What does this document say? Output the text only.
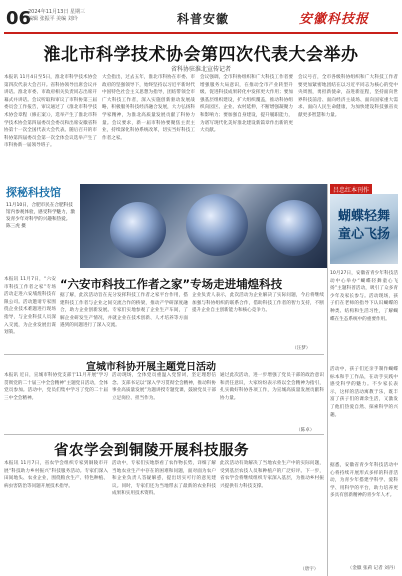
06
2024年11月13日 星期三
编辑 张振平 美编 刘玲	科普安徽	安徽科技报
淮北市科学技术协会第四次代表大会举办
省科协驻淮北宣传记者
本报讯 11月4日至5日，淮北市科学技术协会第四次代表大会召开。省科协领导出席会议并讲话。淮北市委、市政府相关负责同志出席开幕式并讲话。会议听取和审议了市科协第三届委员会工作报告，审议通过了《淮北市科学技术协会章程（修正案）》，选举产生了淮北市科学技术协会第四届委员会委员和出席安徽省科协第十一次全国代表大会代表。随后召开的市科协第四届委员会第一次全体会议选举产生了市科协新一届领导班子。
大会指出，过去五年，淮北市科协在市委、市政府的坚强领导下，始终坚持以习近平新时代中国特色社会主义思想为指导，团结带领全市广大科技工作者，深入实施创新驱动发展战略，积极服务科技经济融合发展，大力弘扬科学家精神，为淮北高质量发展贡献了科协力量。会议要求，新一届市科协要聚焦主责主业，持续深化科协系统改革，切实当好科技工作者之家。
会议强调，全市科协组织和广大科技工作者要增强服务大局意识，在推动全市产业转型升级、促进科技成果转化中发挥更大作用；要加强基层组织建设，扩大组织覆盖，推动科协组织向园区、企业、农村延伸，不断增强凝聚力和影响力；要加强自身建设，提升履职能力，为谱写现代化美好淮北建设新篇章作出新的更大贡献。
会议号召，全市各级科协组织和广大科技工作者要更加紧密地团结在以习近平同志为核心的党中央周围，勇担新使命，奋进新征程，坚持面向世界科技前沿、面向经济主战场、面向国家重大需求、面向人民生命健康，为加快建设科技强省贡献更多智慧和力量。
探秘科技馆
11月10日，合肥市民在合肥科技馆内参观体验，感受科学魅力，激发青少年对科学的兴趣和热爱。 陈三虎 摄
吕忠红本刊作
蝴蝶轻舞
童心飞扬
10月27日，安徽省青少年科技活动中心举办“蝴蝶轻舞童心飞扬”主题科普活动，吸引了众多青少年及家长参与。活动现场，孩子们在老师的指导下认识蝴蝶的种类、结构和生活习性，了解蝴蝶在生态系统中的重要作用。
活动中，孩子们还亲手制作蝴蝶标本和手工作品，在动手实践中感受科学的魅力。不少家长表示，这样的活动寓教于乐，既丰富了孩子们的课余生活，又激发了他们热爱自然、探索科学的兴趣。
据悉，安徽省青少年科技活动中心将持续开展形式多样的科普活动，为青少年搭建学科学、爱科学、用科学的平台，助力培养更多具有创新精神的青少年人才。
（金徽 张莉 记者 刘丹）
“六安市科技工作者之家”专场走进埔煌科技
本报讯 11月7日，“六安市科技工作者之家”专场活动走进六安埔煌科技有限公司。活动邀请专家围绕企业技术难题进行现场指导，与企业科技人员深入交流，为企业发展出谋划策。
据了解，此次活动旨在充分发挥科技工作者之家平台作用，搭建科技工作者与企业之间交流合作的桥梁，推动产学研深度融合，助力企业创新发展。专家们实地参观了企业生产车间，了解企业研发生产情况，并就企业在技术创新、人才培养等方面遇到的问题进行了深入交流。
企业负责人表示，此次活动为企业解决了实际问题，今后将继续加强与科协组织的联系合作，借助科技工作者的智力支持，不断提升企业自主创新能力和核心竞争力。
（汪梦）
宣城市科协开展主题党日活动
本报讯 近日，宣城市科协党支部于11月开展“学习贯彻党的二十届三中全会精神”主题党日活动，全体党员参加。活动中，党员们集中学习了党的二十届三中全会精神。
活动现场，全体党员重温入党誓词，坚定理想信念。支部书记以“深入学习贯彻全会精神，推动科协事业高质量发展”为题讲授专题党课，鼓励党员干部立足岗位、担当作为。
通过此次活动，进一步增强了党员干部的政治意识和责任意识，大家纷纷表示将以全会精神为指引，扎实做好科协各项工作，为宣城高质量发展贡献科协力量。
（陈卓）
省农学会到铜陵开展科技服务
本报讯 11月7日，省农学会组织专家到铜陵市开展“科技助力乡村振兴”科技服务活动。专家们深入田间地头、农业企业，围绕粮食生产、特色种植、病虫害防治等问题开展技术指导。
活动中，专家们实地察看了农作物长势，详细了解当地农业生产中存在的困难和问题，面对面为农户和企业负责人答疑解惑，提出切实可行的意见建议。同时，专家们还为当地带去了最新的农业科技成果和实用技术资料。
此次活动有效解决了当地农业生产中的实际问题，受到基层农技人员和种植户的广泛好评。下一步，省农学会将继续组织专家深入基层，为推动乡村振兴提供有力科技支撑。
（唐宇）
